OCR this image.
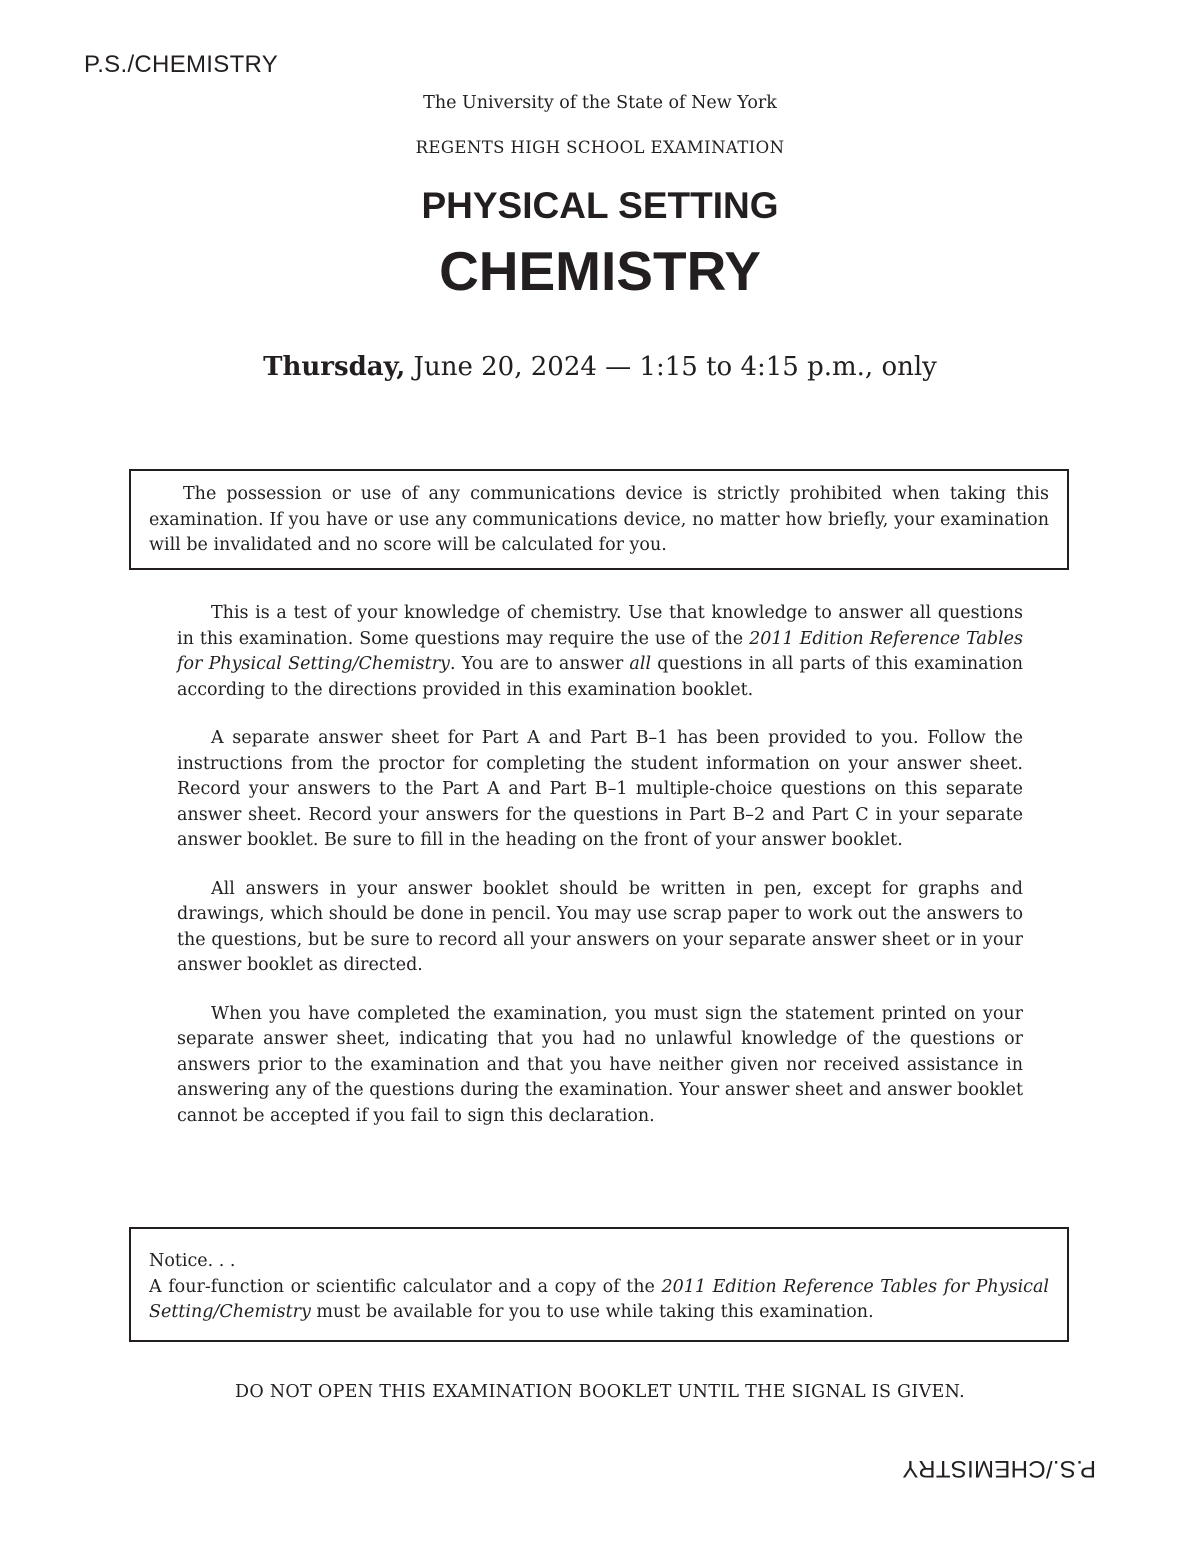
P.S./CHEMISTRY
The University of the State of New York
REGENTS HIGH SCHOOL EXAMINATION
PHYSICAL SETTING
CHEMISTRY
Thursday, June 20, 2024 — 1:15 to 4:15 p.m., only

The possession or use of any communications device is strictly prohibited when taking this examination. If you have or use any communications device, no matter how briefly, your examination will be invalidated and no score will be calculated for you.

This is a test of your knowledge of chemistry. Use that knowledge to answer all questions in this examination. Some questions may require the use of the 2011 Edition Reference Tables for Physical Setting/Chemistry. You are to answer all questions in all parts of this examination according to the directions provided in this examination booklet.

A separate answer sheet for Part A and Part B–1 has been provided to you. Follow the instructions from the proctor for completing the student information on your answer sheet. Record your answers to the Part A and Part B–1 multiple-choice questions on this separate answer sheet. Record your answers for the questions in Part B–2 and Part C in your separate answer booklet. Be sure to fill in the heading on the front of your answer booklet.

All answers in your answer booklet should be written in pen, except for graphs and drawings, which should be done in pencil. You may use scrap paper to work out the answers to the questions, but be sure to record all your answers on your separate answer sheet or in your answer booklet as directed.

When you have completed the examination, you must sign the statement printed on your separate answer sheet, indicating that you had no unlawful knowledge of the questions or answers prior to the examination and that you have neither given nor received assistance in answering any of the questions during the examination. Your answer sheet and answer booklet cannot be accepted if you fail to sign this declaration.

Notice. . .
A four-function or scientific calculator and a copy of the 2011 Edition Reference Tables for Physical Setting/Chemistry must be available for you to use while taking this examination.

DO NOT OPEN THIS EXAMINATION BOOKLET UNTIL THE SIGNAL IS GIVEN.
P.S./CHEMISTRY
